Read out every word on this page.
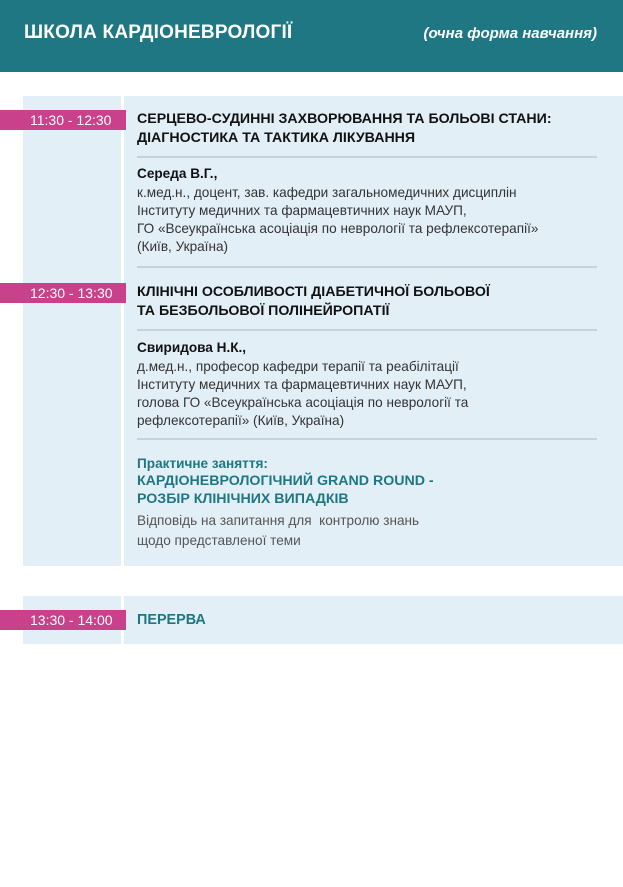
ШКОЛА КАРДІОНЕВРОЛОГІЇ	(очна форма навчання)
11:30 - 12:30	СЕРЦЕВО-СУДИННІ ЗАХВОРЮВАННЯ ТА БОЛЬОВІ СТАНИ:
ДІАГНОСТИКА ТА ТАКТИКА ЛІКУВАННЯ
Середа В.Г.,
к.мед.н., доцент, зав. кафедри загальномедичних дисциплін
Інституту медичних та фармацевтичних наук МАУП,
ГО «Всеукраїнська асоціація по неврології та рефлексотерапії»
(Київ, Україна)
12:30 - 13:30	КЛІНІЧНІ ОСОБЛИВОСТІ ДІАБЕТИЧНОЇ БОЛЬОВОЇ
ТА БЕЗБОЛЬОВОЇ ПОЛІНЕЙРОПАТІЇ
Свиридова Н.К.,
д.мед.н., професор кафедри терапії та реабілітації
Інституту медичних та фармацевтичних наук МАУП,
голова ГО «Всеукраїнська асоціація по неврології та
рефлексотерапії» (Київ, Україна)
Практичне заняття:
КАРДІОНЕВРОЛОГІЧНИЙ GRAND ROUND -
РОЗБІР КЛІНІЧНИХ ВИПАДКІВ
Відповідь на запитання для  контролю знань
щодо представленої теми
13:30 - 14:00	ПЕРЕРВА
